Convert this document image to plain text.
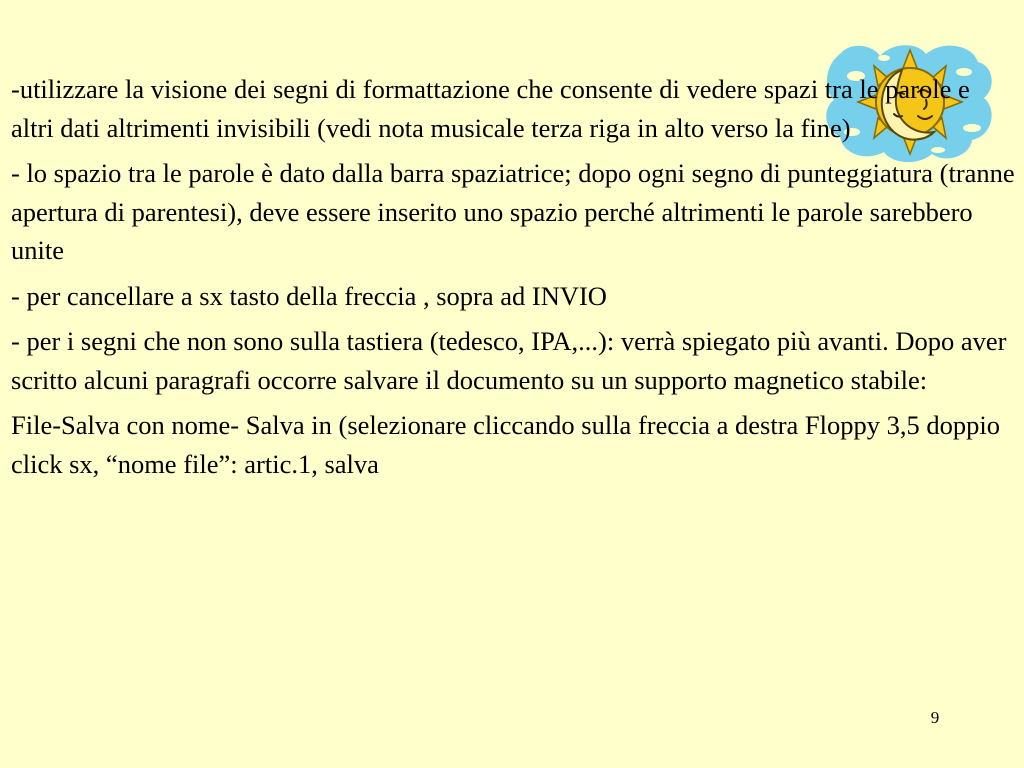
-utilizzare la visione dei segni di formattazione che consente di vedere spazi tra le parole e altri dati altrimenti invisibili (vedi nota musicale terza riga in alto verso la fine)

- lo spazio tra le parole è dato dalla barra spaziatrice; dopo ogni segno di punteggiatura (tranne apertura di parentesi), deve essere inserito uno spazio perché altrimenti le parole sarebbero unite

- per cancellare a sx tasto della freccia , sopra ad INVIO

- per i segni che non sono sulla tastiera (tedesco, IPA,...): verrà spiegato più avanti. Dopo aver scritto alcuni paragrafi occorre salvare il documento su un supporto magnetico stabile:

File-Salva con nome- Salva in (selezionare cliccando sulla freccia a destra Floppy 3,5 doppio click sx, “nome file”: artic.1, salva

9
